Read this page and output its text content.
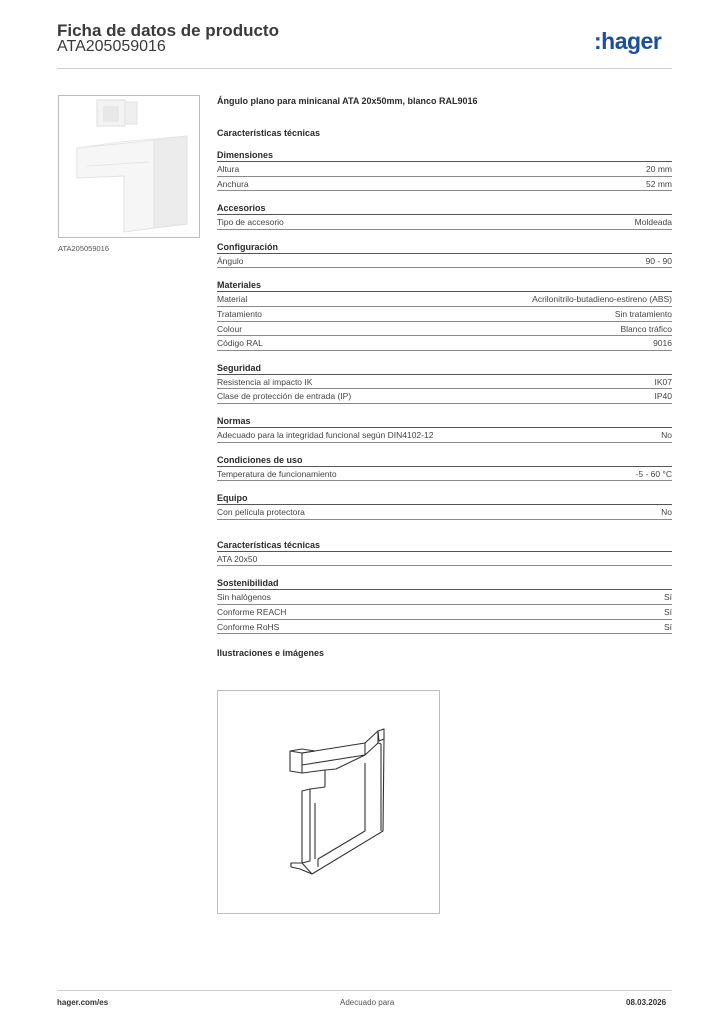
Ficha de datos de producto
ATA205059016	:hager
ATA205059016
Ángulo plano para minicanal ATA 20x50mm, blanco RAL9016
Características técnicas
Dimensiones
Altura	20 mm
Anchura	52 mm
Accesorios
Tipo de accesorio	Moldeada
Configuración
Ángulo	90 - 90
Materiales
Material	Acrilonitrilo-butadieno-estireno (ABS)
Tratamiento	Sin tratamiento
Colour	Blanco tráfico
Código RAL	9016
Seguridad
Resistencia al impacto IK	IK07
Clase de protección de entrada (IP)	IP40
Normas
Adecuado para la integridad funcional según DIN4102-12	No
Condiciones de uso
Temperatura de funcionamiento	-5 - 60 °C
Equipo
Con película protectora	No
Características técnicas
ATA 20x50
Sostenibilidad
Sin halógenos	Sí
Conforme REACH	Sí
Conforme RoHS	Sí
Ilustraciones e imágenes
hager.com/es	Adecuado para	08.03.2026
